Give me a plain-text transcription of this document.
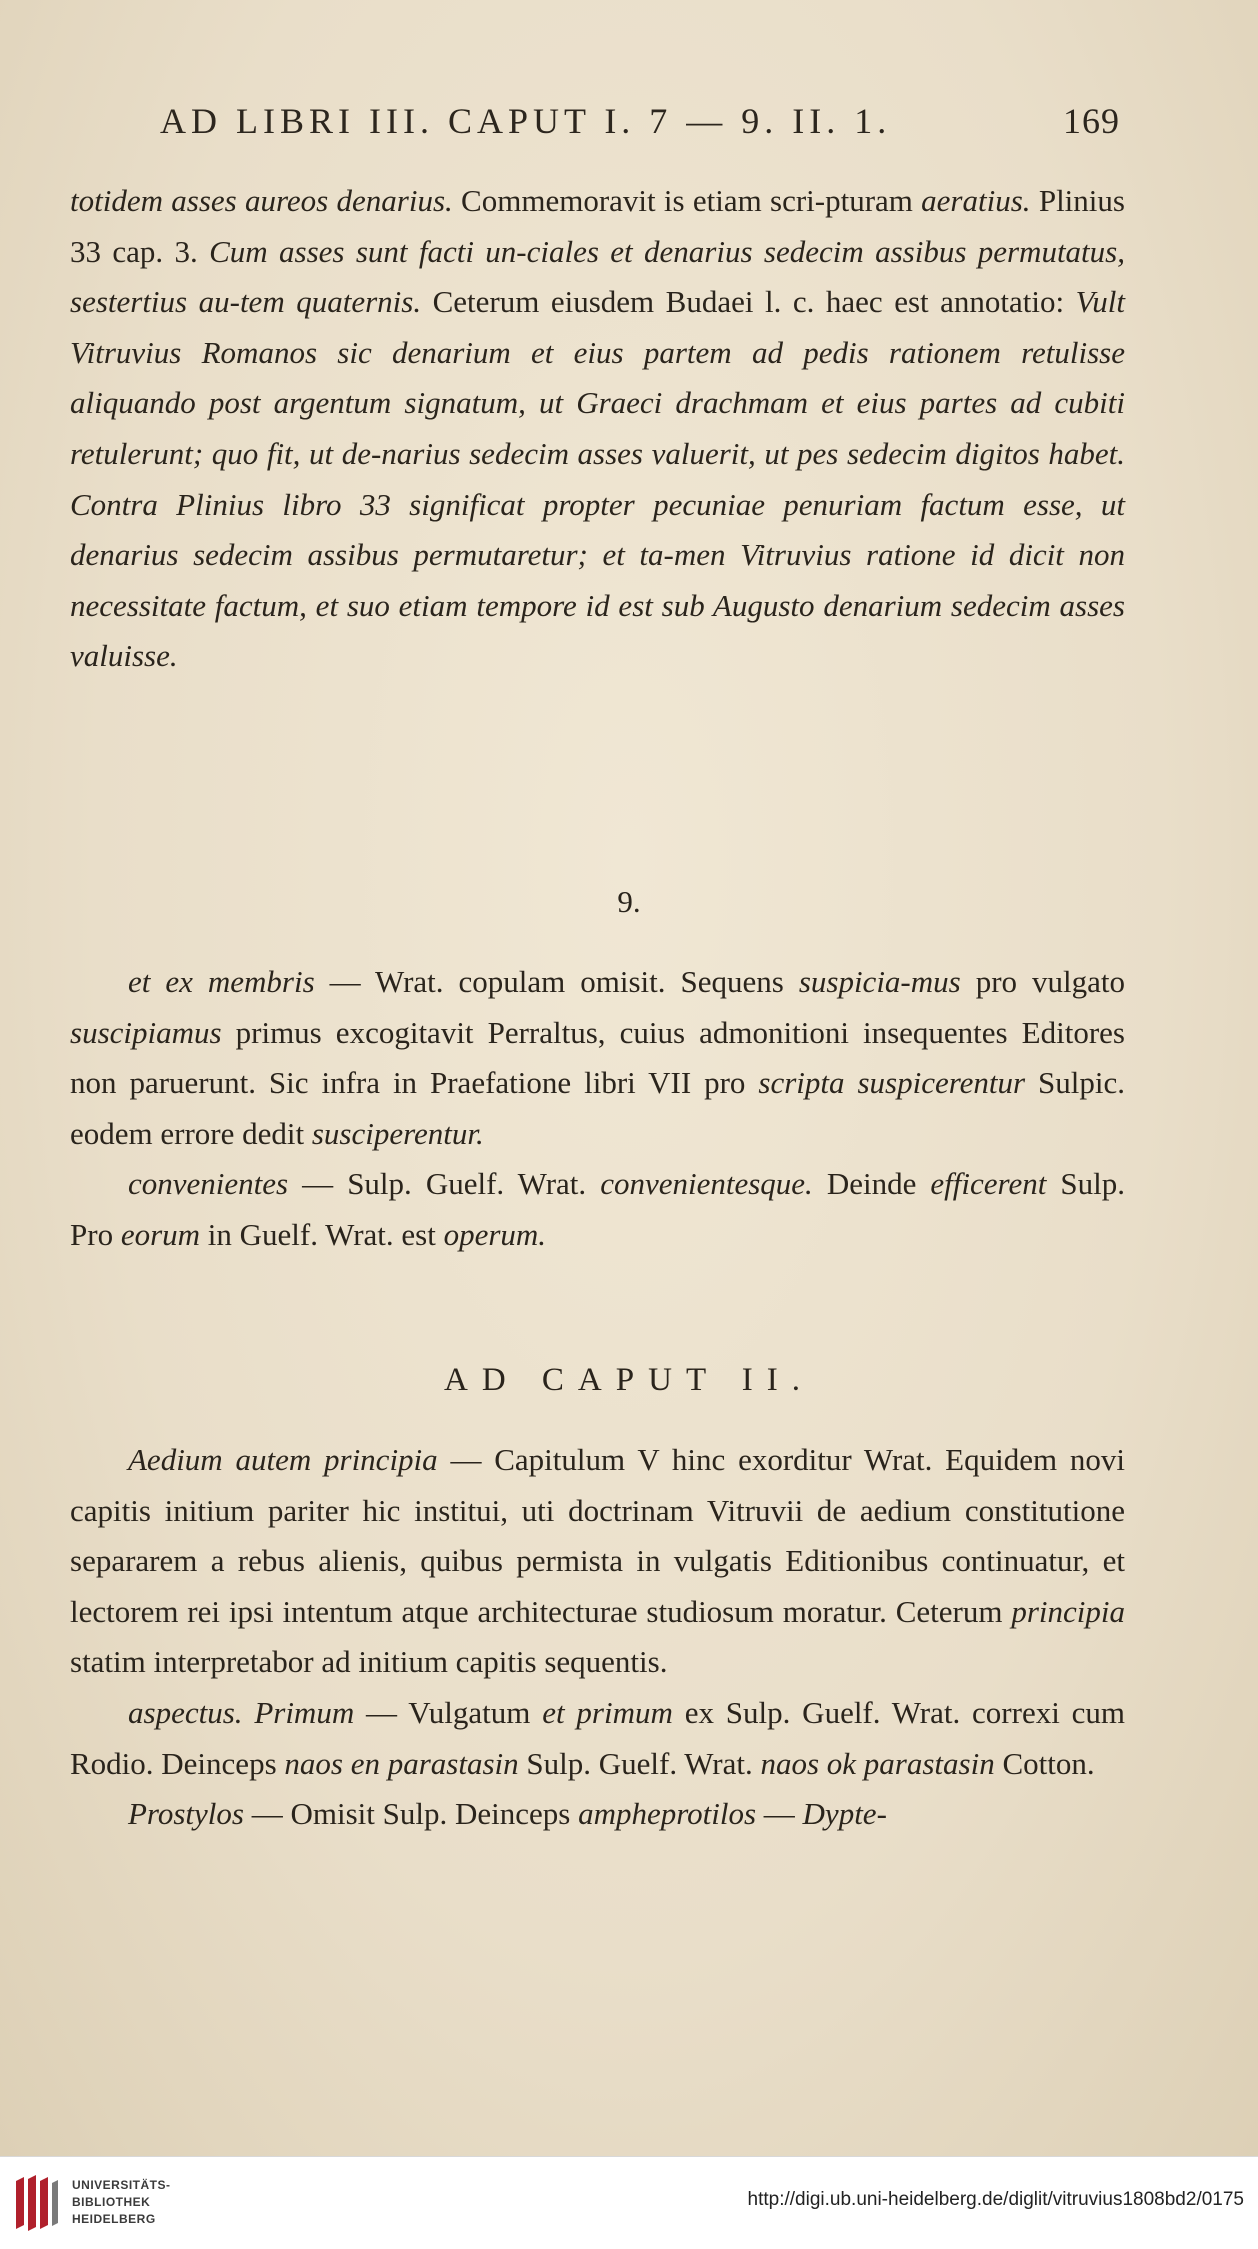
AD LIBRI III. CAPUT I. 7 — 9. II. 1.	169

totidem asses aureos denarius. Commemoravit is etiam scri-pturam aeratius. Plinius 33 cap. 3. Cum asses sunt facti un-ciales et denarius sedecim assibus permutatus, sestertius au-tem quaternis. Ceterum eiusdem Budaei l. c. haec est annotatio: Vult Vitruvius Romanos sic denarium et eius partem ad pedis rationem retulisse aliquando post argentum signatum, ut Graeci drachmam et eius partes ad cubiti retulerunt; quo fit, ut de-narius sedecim asses valuerit, ut pes sedecim digitos habet. Contra Plinius libro 33 significat propter pecuniae penuriam factum esse, ut denarius sedecim assibus permutaretur; et ta-men Vitruvius ratione id dicit non necessitate factum, et suo etiam tempore id est sub Augusto denarium sedecim asses valuisse.

9.

et ex membris — Wrat. copulam omisit. Sequens suspicia-mus pro vulgato suscipiamus primus excogitavit Perraltus, cuius admonitioni insequentes Editores non paruerunt. Sic infra in Praefatione libri VII pro scripta suspicerentur Sulpic. eodem errore dedit susciperentur.

convenientes — Sulp. Guelf. Wrat. convenientesque. Deinde efficerent Sulp. Pro eorum in Guelf. Wrat. est operum.

AD CAPUT II.

Aedium autem principia — Capitulum V hinc exorditur Wrat. Equidem novi capitis initium pariter hic institui, uti doctrinam Vitruvii de aedium constitutione separarem a rebus alienis, quibus permista in vulgatis Editionibus continuatur, et lectorem rei ipsi intentum atque architecturae studiosum moratur. Ceterum principia statim interpretabor ad initium capitis sequentis.

aspectus. Primum — Vulgatum et primum ex Sulp. Guelf. Wrat. correxi cum Rodio. Deinceps naos en parastasin Sulp. Guelf. Wrat. naos ok parastasin Cotton.

Prostylos — Omisit Sulp. Deinceps ampheprotilos — Dypte-

UNIVERSITÄTS-
BIBLIOTHEK
HEIDELBERG
http://digi.ub.uni-heidelberg.de/diglit/vitruvius1808bd2/0175
